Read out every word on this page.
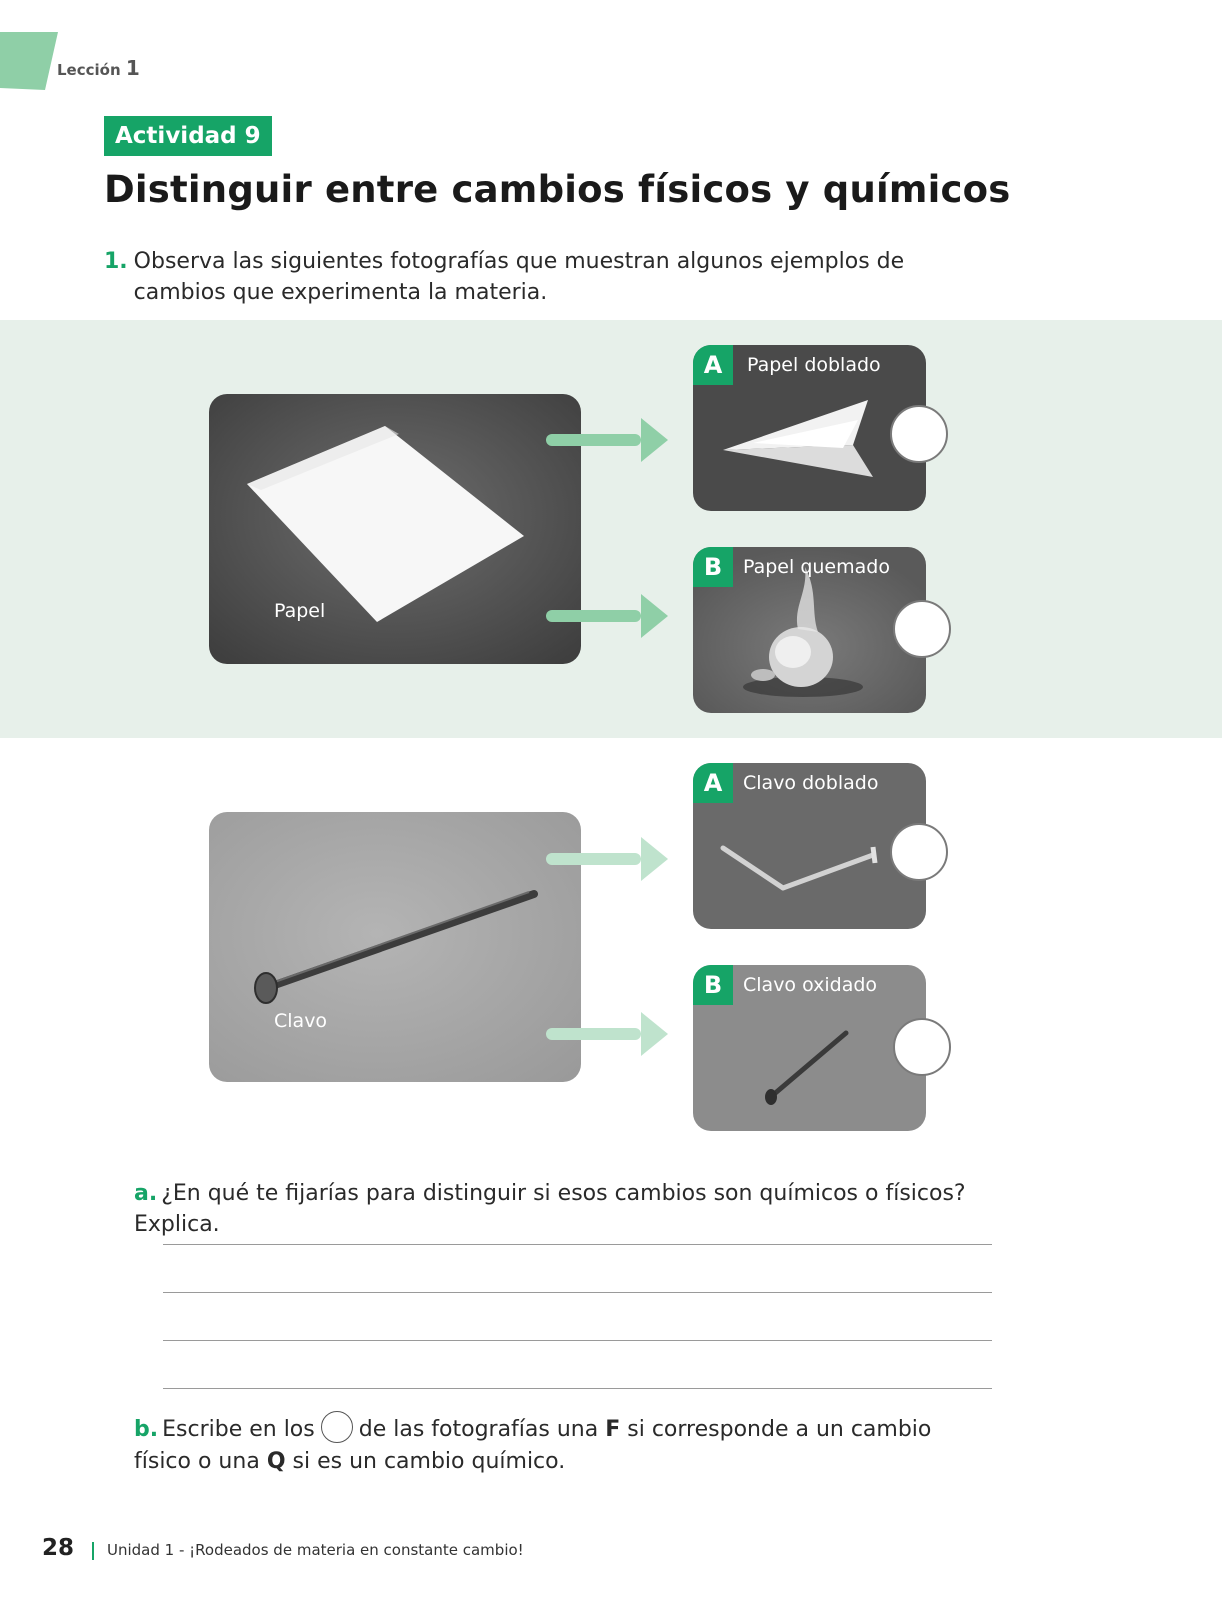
Lección 1
Actividad 9
Distinguir entre cambios físicos y químicos
1. Observa las siguientes fotografías que muestran algunos ejemplos de cambios que experimenta la materia.
Papel
A	Papel doblado
B	Papel quemado
Clavo
A	Clavo doblado
B	Clavo oxidado
a. ¿En qué te fijarías para distinguir si esos cambios son químicos o físicos? Explica.
b. Escribe en los de las fotografías una F si corresponde a un cambio físico o una Q si es un cambio químico.
28 Unidad 1 - ¡Rodeados de materia en constante cambio!
